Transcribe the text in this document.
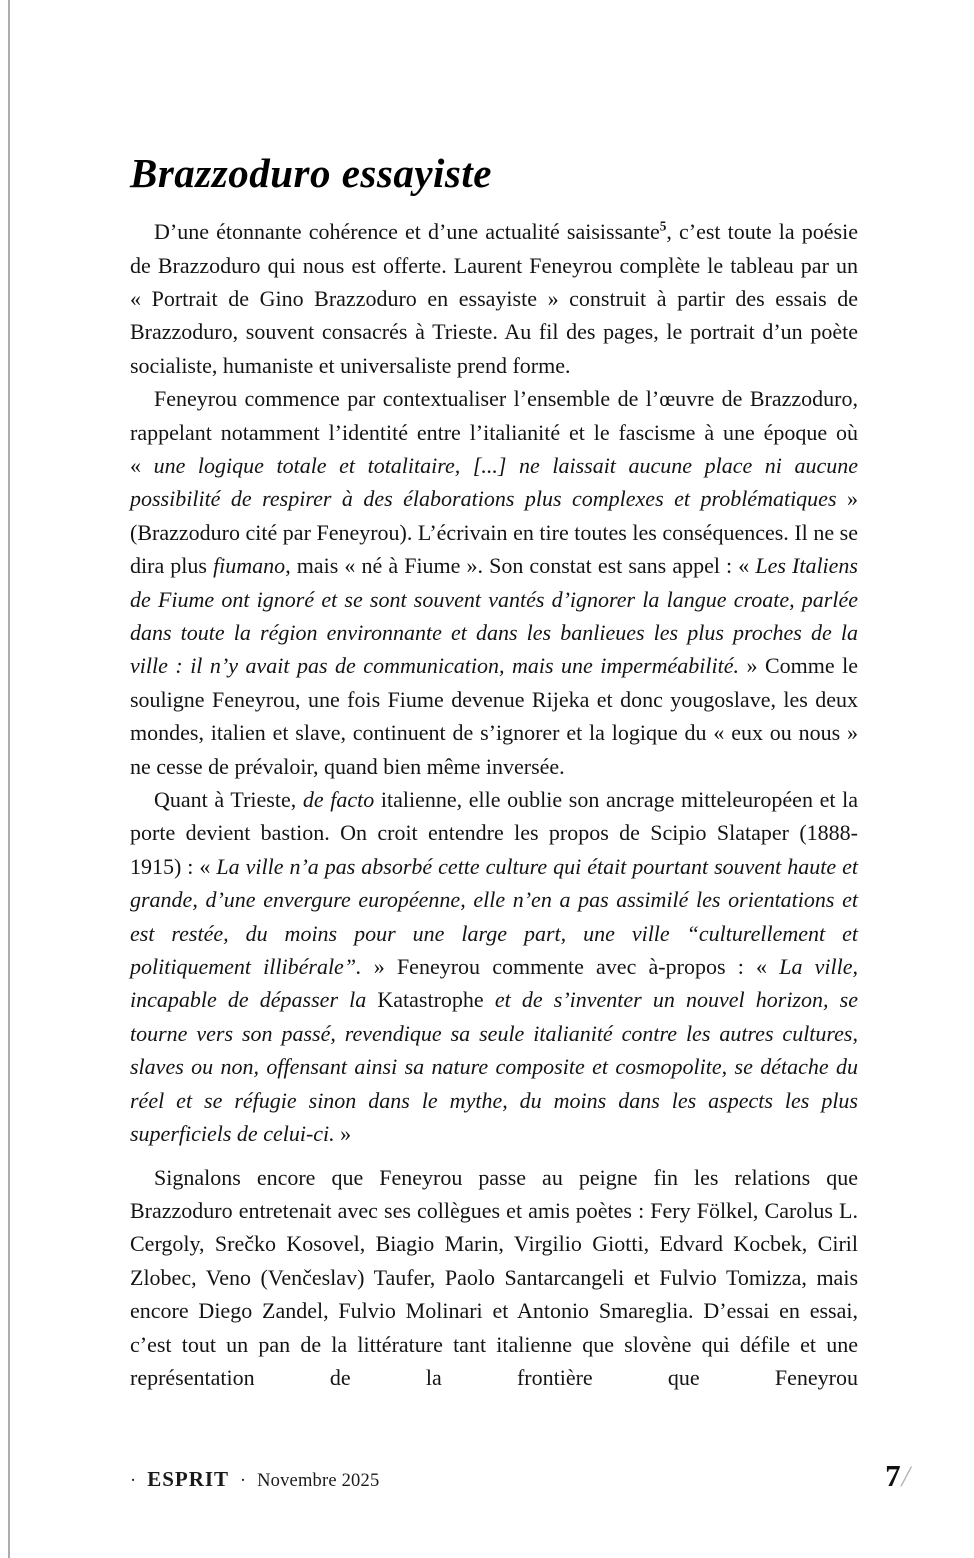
Brazzoduro essayiste

D’une étonnante cohérence et d’une actualité saisissante$^5$, c’est toute la poésie de Brazzoduro qui nous est offerte. Laurent Feneyrou complète le tableau par un « Portrait de Gino Brazzoduro en essayiste » construit à partir des essais de Brazzoduro, souvent consacrés à Trieste. Au fil des pages, le portrait d’un poète socialiste, humaniste et universaliste prend forme.

Feneyrou commence par contextualiser l’ensemble de l’œuvre de Brazzoduro, rappelant notamment l’identité entre l’italianité et le fascisme à une époque où « une logique totale et totalitaire, [...] ne laissait aucune place ni aucune possibilité de respirer à des élaborations plus complexes et problématiques » (Brazzoduro cité par Feneyrou). L’écrivain en tire toutes les conséquences. Il ne se dira plus fiumano, mais « né à Fiume ». Son constat est sans appel : « Les Italiens de Fiume ont ignoré et se sont souvent vantés d’ignorer la langue croate, parlée dans toute la région environnante et dans les banlieues les plus proches de la ville : il n’y avait pas de communication, mais une imperméabilité. » Comme le souligne Feneyrou, une fois Fiume devenue Rijeka et donc yougoslave, les deux mondes, italien et slave, continuent de s’ignorer et la logique du « eux ou nous » ne cesse de prévaloir, quand bien même inversée.

Quant à Trieste, de facto italienne, elle oublie son ancrage mitteleuropéen et la porte devient bastion. On croit entendre les propos de Scipio Slataper (1888-1915) : « La ville n’a pas absorbé cette culture qui était pourtant souvent haute et grande, d’une envergure européenne, elle n’en a pas assimilé les orientations et est restée, du moins pour une large part, une ville “culturellement et politiquement illibérale”. » Feneyrou commente avec à-propos : « La ville, incapable de dépasser la Katastrophe et de s’inventer un nouvel horizon, se tourne vers son passé, revendique sa seule italianité contre les autres cultures, slaves ou non, offensant ainsi sa nature composite et cosmopolite, se détache du réel et se réfugie sinon dans le mythe, du moins dans les aspects les plus superficiels de celui-ci. »

Signalons encore que Feneyrou passe au peigne fin les relations que Brazzoduro entretenait avec ses collègues et amis poètes : Fery Fölkel, Carolus L. Cergoly, Srečko Kosovel, Biagio Marin, Virgilio Giotti, Edvard Kocbek, Ciril Zlobec, Veno (Venčeslav) Taufer, Paolo Santarcangeli et Fulvio Tomizza, mais encore Diego Zandel, Fulvio Molinari et Antonio Smareglia. D’essai en essai, c’est tout un pan de la littérature tant italienne que slovène qui défile et une représentation de la frontière que Feneyrou

· ESPRIT · Novembre 2025	7/
